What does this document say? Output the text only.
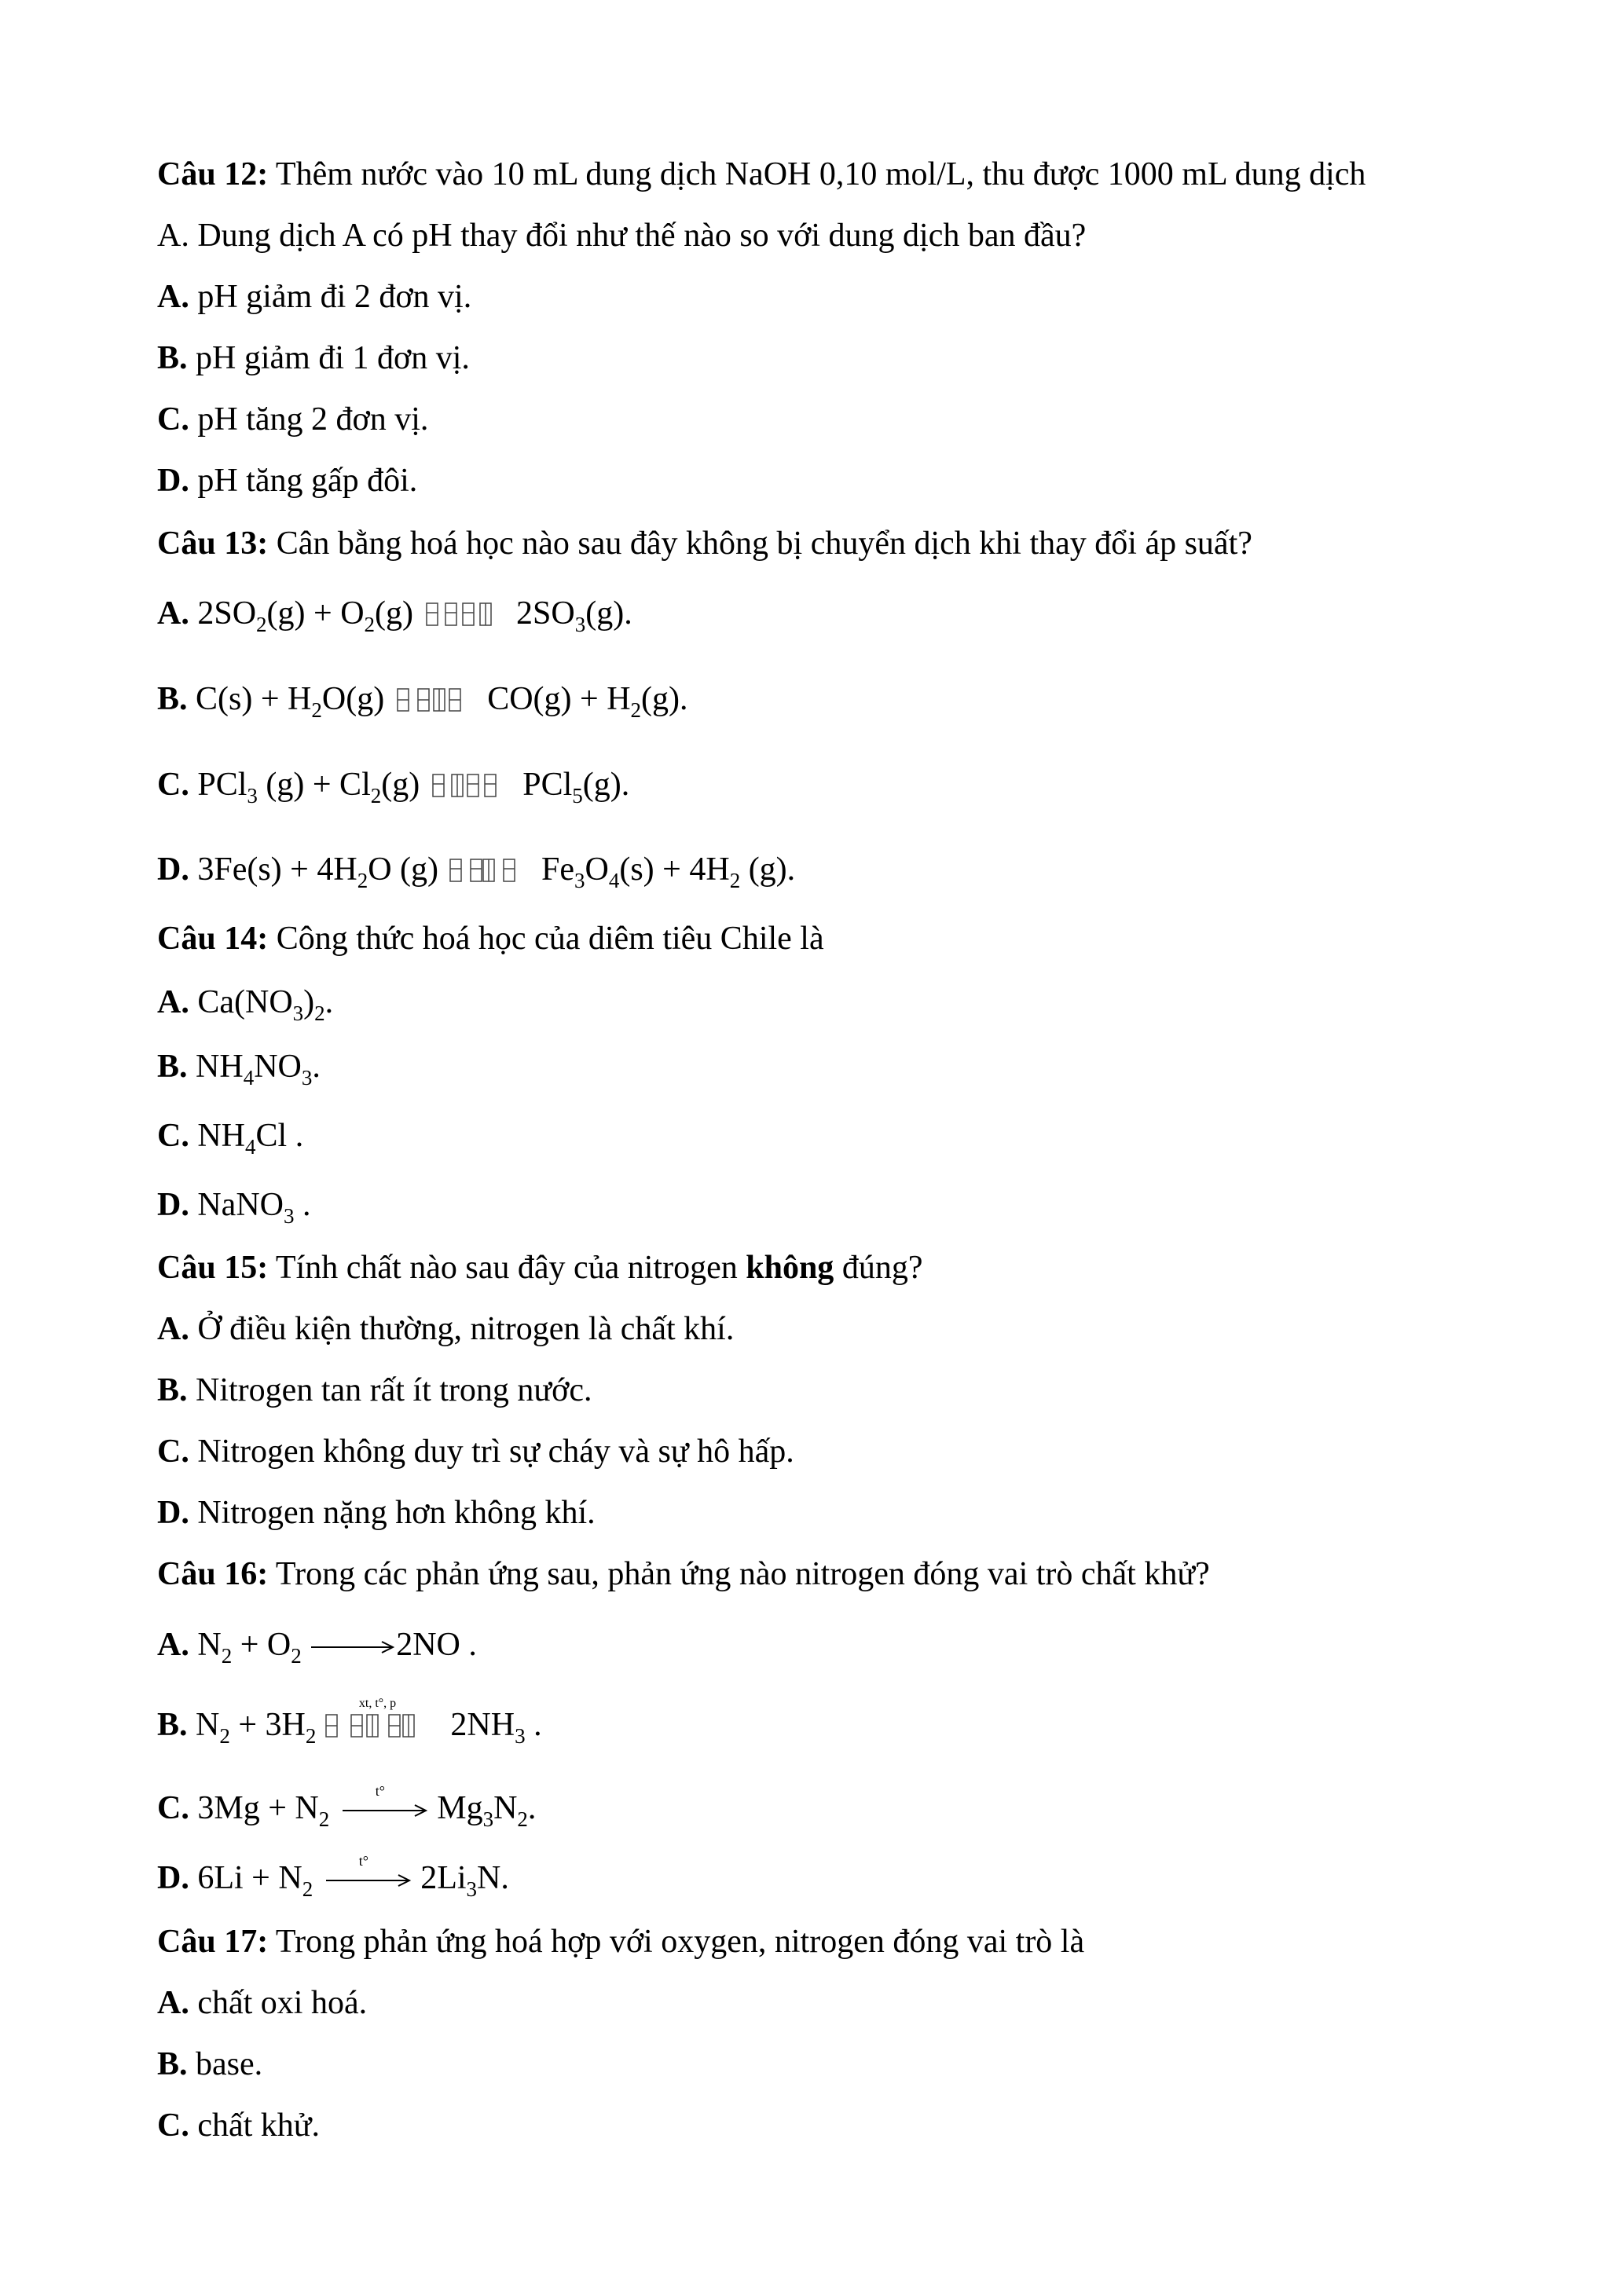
Câu 12: Thêm nước vào 10 mL dung dịch NaOH 0,10 mol/L, thu được 1000 mL dung dịch
A. Dung dịch A có pH thay đổi như thế nào so với dung dịch ban đầu?
A. pH giảm đi 2 đơn vị.
B. pH giảm đi 1 đơn vị.
C. pH tăng 2 đơn vị.
D. pH tăng gấp đôi.
Câu 13: Cân bằng hoá học nào sau đây không bị chuyển dịch khi thay đổi áp suất?
A. $2SO_2(g) + O_2(g)$	$2SO_3(g)$.
B. $C(s) + H_2O(g)$	$CO(g) + H_2(g)$.
C. PCl$_3$ $(g) + Cl_2(g)$	PCl$_5$(g).
D. $3Fe(s) + 4H_2O$ (g)	$Fe_3O_4(s) + 4H_2$ (g).
Câu 14: Công thức hoá học của diêm tiêu Chile là
A. $Ca(NO_3)_2$.
B. $NH_4NO_3$.
C. $NH_4Cl$ .
D. NaNO$_3$ .
Câu 15: Tính chất nào sau đây của nitrogen không đúng?
A. Ở điều kiện thường, nitrogen là chất khí.
B. Nitrogen tan rất ít trong nước.
C. Nitrogen không duy trì sự cháy và sự hô hấp.
D. Nitrogen nặng hơn không khí.
Câu 16: Trong các phản ứng sau, phản ứng nào nitrogen đóng vai trò chất khử?
A. $N_2 + O_2 \to 2NO$ .
B. $N_2 + 3H_2$
xt, t°, p
$2NH_3$ .
C. $3Mg + N_2$
t° $Mg_3N_2$.
D. $6Li + N_2$
t° $2Li_3N$.
Câu 17: Trong phản ứng hoá hợp với oxygen, nitrogen đóng vai trò là
A. chất oxi hoá.
B. base.
C. chất khử.
